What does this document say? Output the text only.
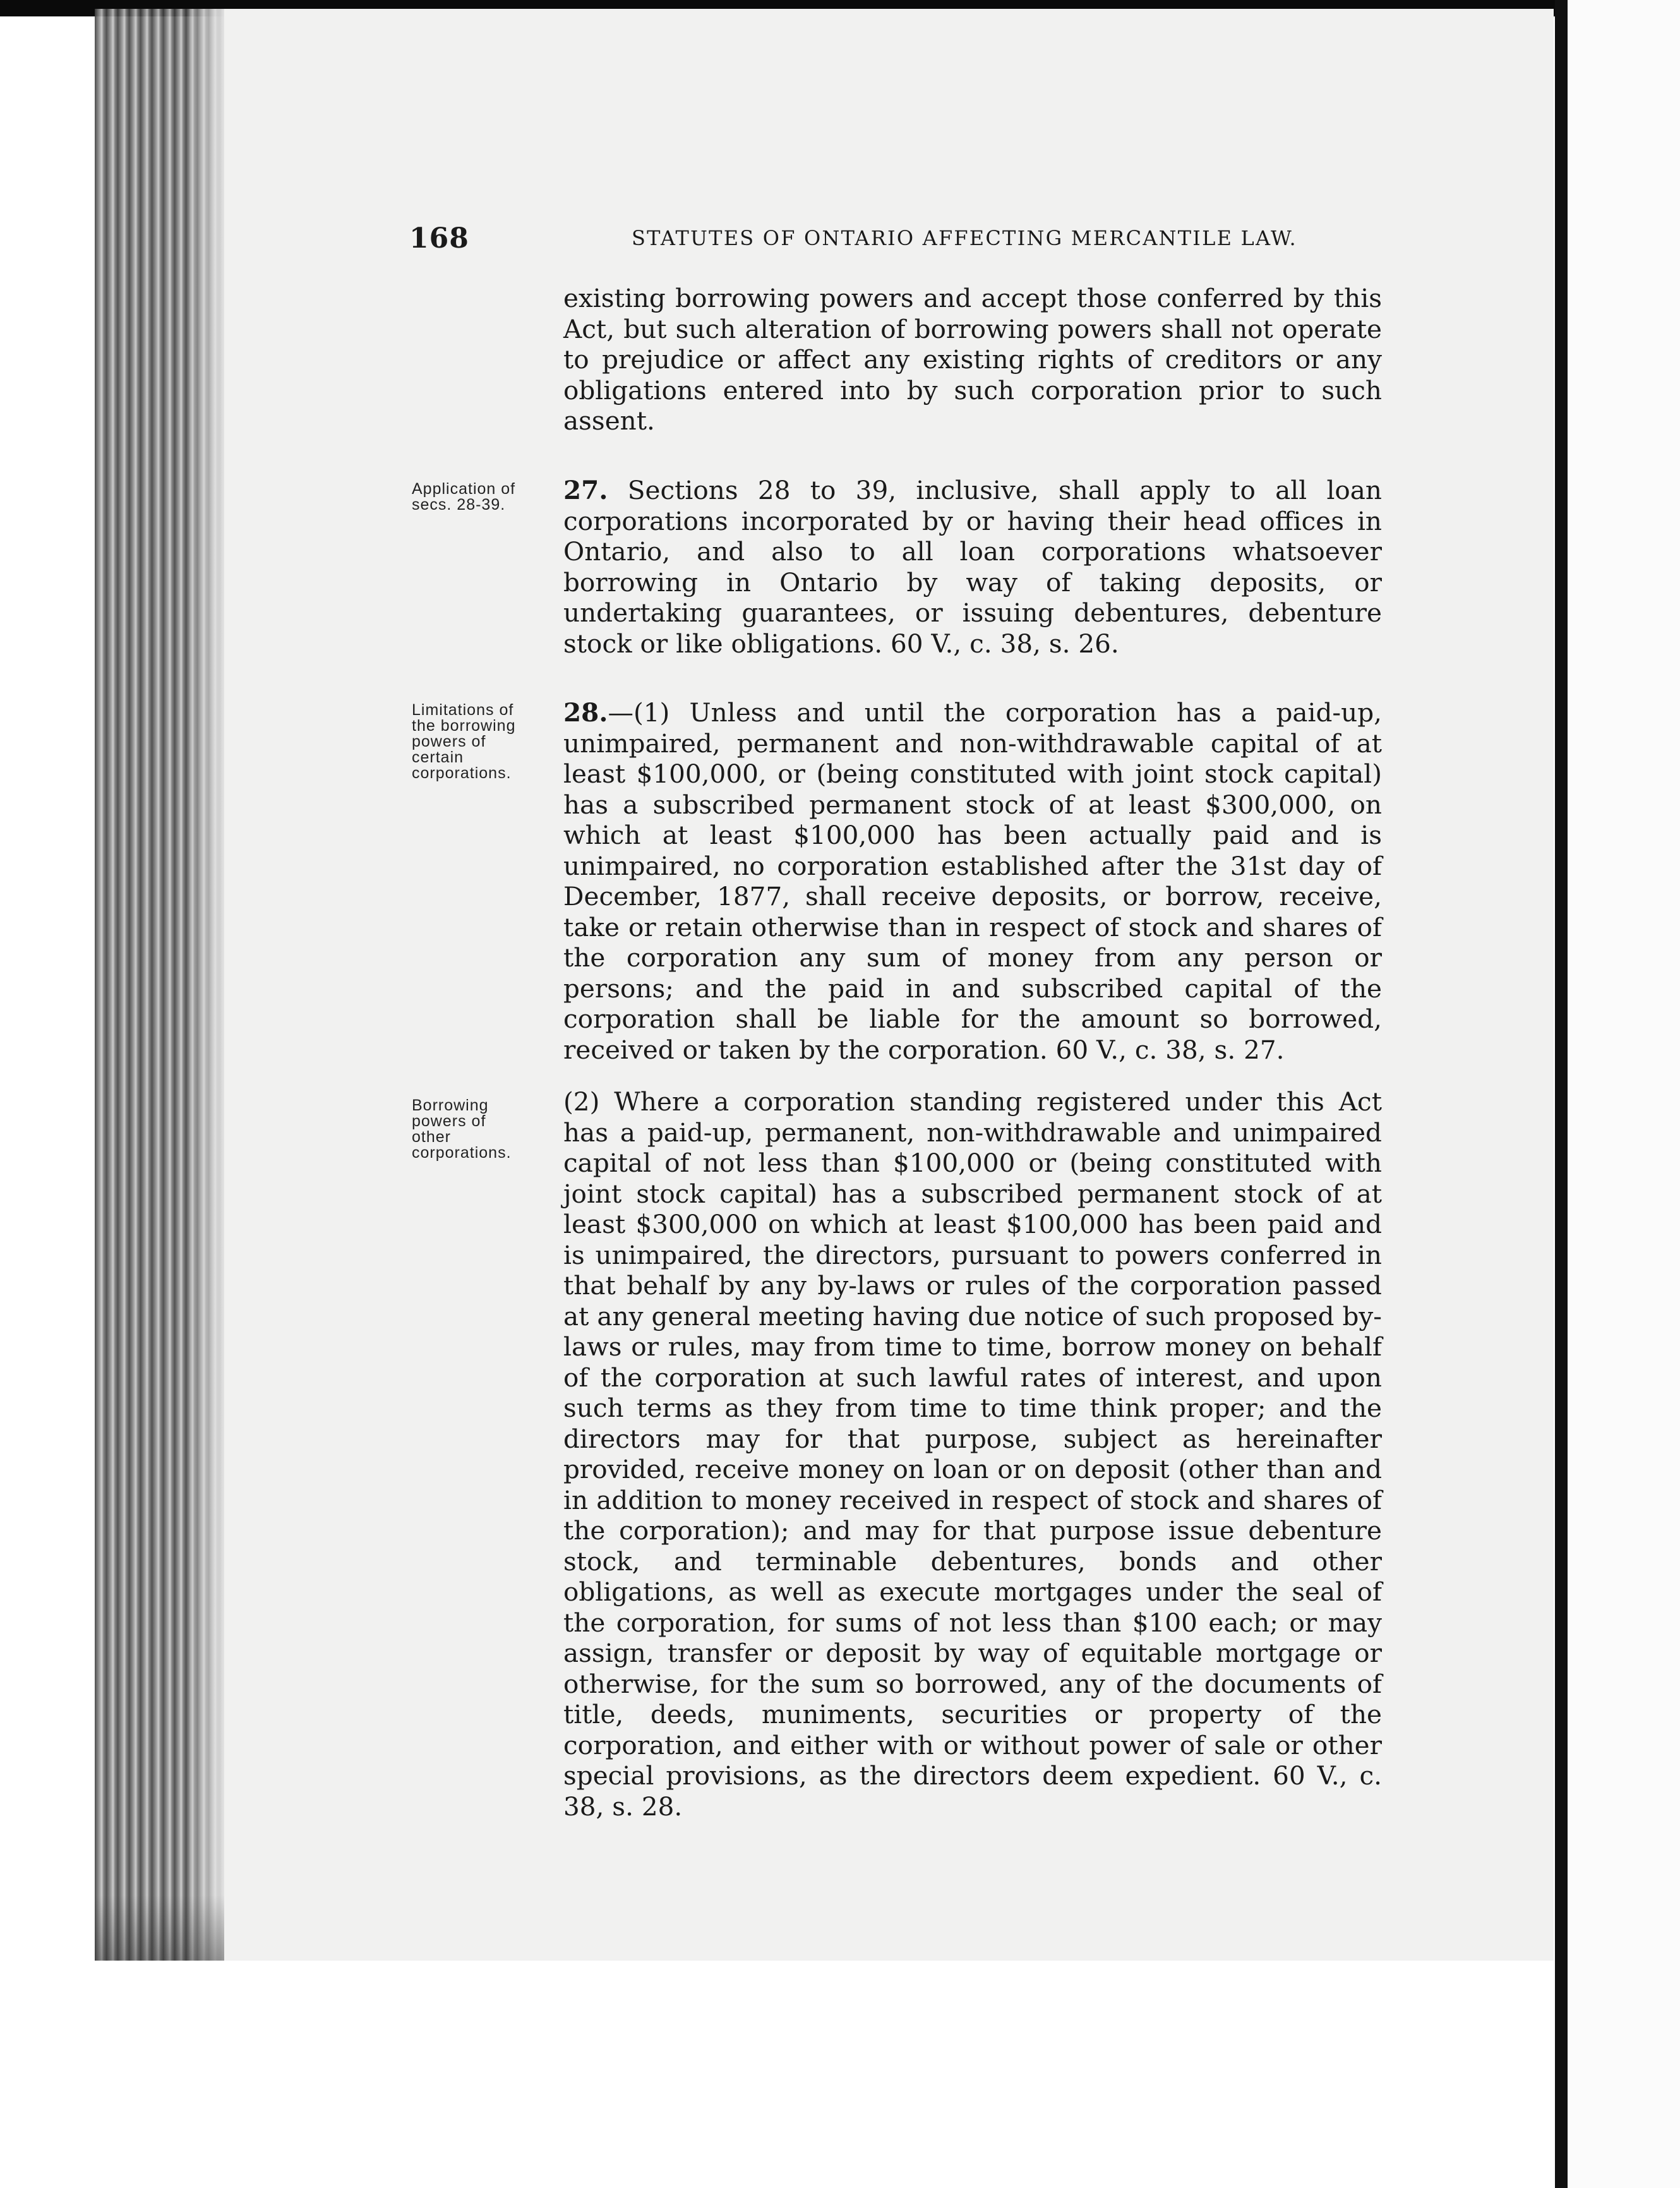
168	STATUTES OF ONTARIO AFFECTING MERCANTILE LAW.

existing borrowing powers and accept those conferred by this Act, but such alteration of borrowing powers shall not operate to prejudice or affect any existing rights of creditors or any obligations entered into by such corporation prior to such assent.

Application of
secs. 28-39.	27. Sections 28 to 39, inclusive, shall apply to all loan corporations incorporated by or having their head offices in Ontario, and also to all loan corporations whatsoever borrowing in Ontario by way of taking deposits, or undertaking guarantees, or issuing debentures, debenture stock or like obligations. 60 V., c. 38, s. 26.

Limitations of
the borrowing
powers of
certain
corporations.

28.—(1) Unless and until the corporation has a paid-up, unimpaired, permanent and non-withdrawable capital of at least $100,000, or (being constituted with joint stock capital) has a subscribed permanent stock of at least $300,000, on which at least $100,000 has been actually paid and is unimpaired, no corporation established after the 31st day of December, 1877, shall receive deposits, or borrow, receive, take or retain otherwise than in respect of stock and shares of the corporation any sum of money from any person or persons; and the paid in and subscribed capital of the corporation shall be liable for the amount so borrowed, received or taken by the corporation. 60 V., c. 38, s. 27.

Borrowing
powers of
other
corporations.

(2) Where a corporation standing registered under this Act has a paid-up, permanent, non-withdrawable and unimpaired capital of not less than $100,000 or (being constituted with joint stock capital) has a subscribed permanent stock of at least $300,000 on which at least $100,000 has been paid and is unimpaired, the directors, pursuant to powers conferred in that behalf by any by-laws or rules of the corporation passed at any general meeting having due notice of such proposed by-laws or rules, may from time to time, borrow money on behalf of the corporation at such lawful rates of interest, and upon such terms as they from time to time think proper; and the directors may for that purpose, subject as hereinafter provided, receive money on loan or on deposit (other than and in addition to money received in respect of stock and shares of the corporation); and may for that purpose issue debenture stock, and terminable debentures, bonds and other obligations, as well as execute mortgages under the seal of the corporation, for sums of not less than $100 each; or may assign, transfer or deposit by way of equitable mortgage or otherwise, for the sum so borrowed, any of the documents of title, deeds, muniments, securities or property of the corporation, and either with or without power of sale or other special provisions, as the directors deem expedient. 60 V., c. 38, s. 28.
